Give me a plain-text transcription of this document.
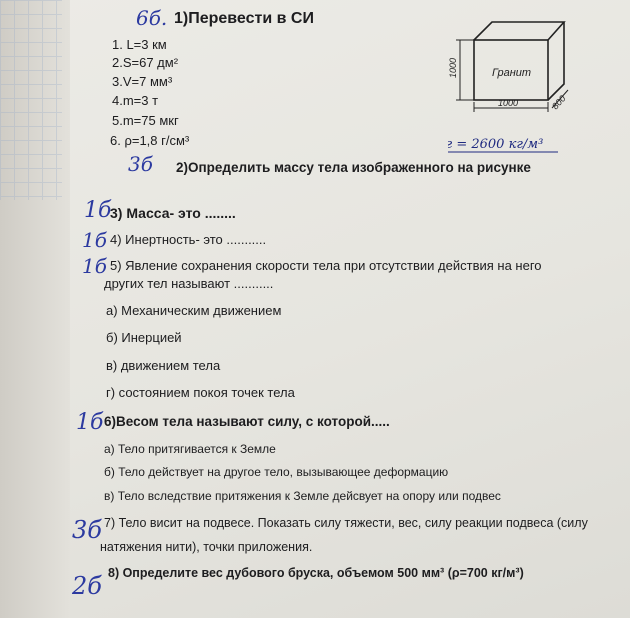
6б.
3б
1б
1б
1б
1б
3б
2б
1)Перевести в СИ
1. L=3 км
2.S=67 дм²
3.V=7 мм³
4.m=3 т
5.m=75 мкг
6. ρ=1,8 г/см³
1000
1000	800
Гранит
ρг = 2600 кг/м³
2)Определить массу тела изображенного на рисунке
3) Масса- это ........
4) Инертность- это ...........
5) Явление сохранения скорости тела при отсутствии действия на него
других тел называют ...........
а) Механическим движением
б) Инерцией
в) движением тела
г) состоянием покоя точек тела
6)Весом тела называют силу, с которой.....
а) Тело притягивается к Земле
б) Тело действует на другое тело, вызывающее деформацию
в) Тело вследствие притяжения к Земле дейсвует на опору или подвес
7) Тело висит на подвесе. Показать силу тяжести, вес, силу реакции подвеса (силу
натяжения нити), точки приложения.
8) Определите вес дубового бруска, объемом 500 мм³ (ρ=700 кг/м³)
